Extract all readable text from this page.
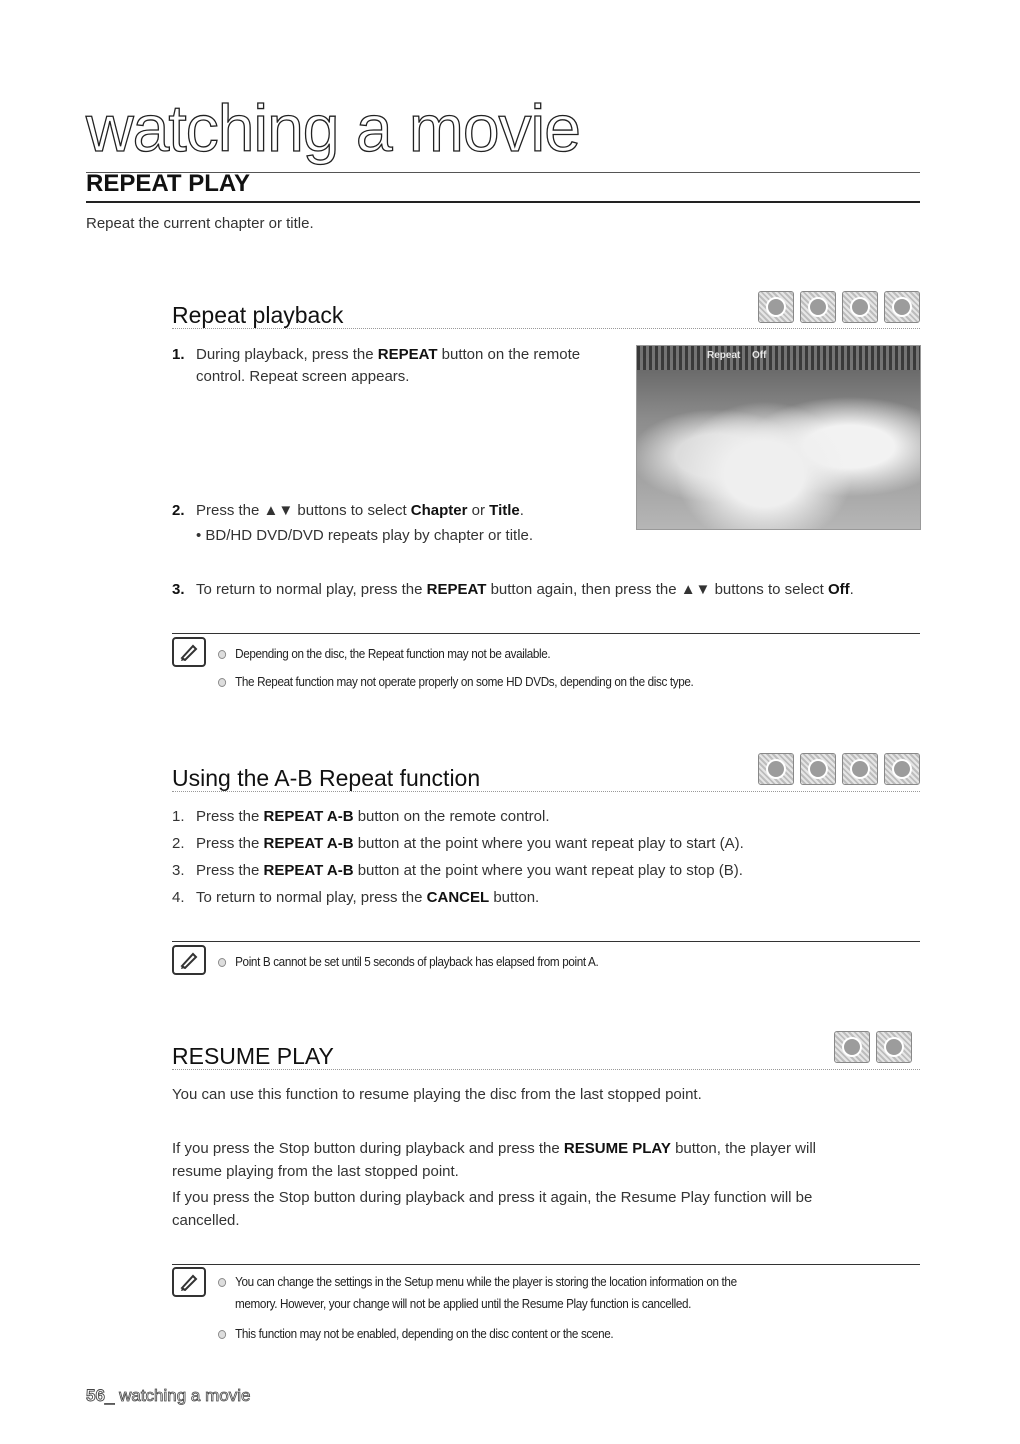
watching a movie
REPEAT PLAY
Repeat the current chapter or title.
Repeat playback
1. During playback, press the REPEAT button on the remote
control. Repeat screen appears.
Repeat Off
2. Press the ▲▼ buttons to select Chapter or Title.
• BD/HD DVD/DVD repeats play by chapter or title.
3. To return to normal play, press the REPEAT button again, then press the ▲▼ buttons to select Off.
Depending on the disc, the Repeat function may not be available.
The Repeat function may not operate properly on some HD DVDs, depending on the disc type.
Using the A-B Repeat function
1. Press the REPEAT A-B button on the remote control.
2. Press the REPEAT A-B button at the point where you want repeat play to start (A).
3. Press the REPEAT A-B button at the point where you want repeat play to stop (B).
4. To return to normal play, press the CANCEL button.
Point B cannot be set until 5 seconds of playback has elapsed from point A.
RESUME PLAY
You can use this function to resume playing the disc from the last stopped point.
If you press the Stop button during playback and press the RESUME PLAY button, the player will
resume playing from the last stopped point.
If you press the Stop button during playback and press it again, the Resume Play function will be
cancelled.
You can change the settings in the Setup menu while the player is storing the location information on the
memory. However, your change will not be applied until the Resume Play function is cancelled.
This function may not be enabled, depending on the disc content or the scene.
56_ watching a movie
